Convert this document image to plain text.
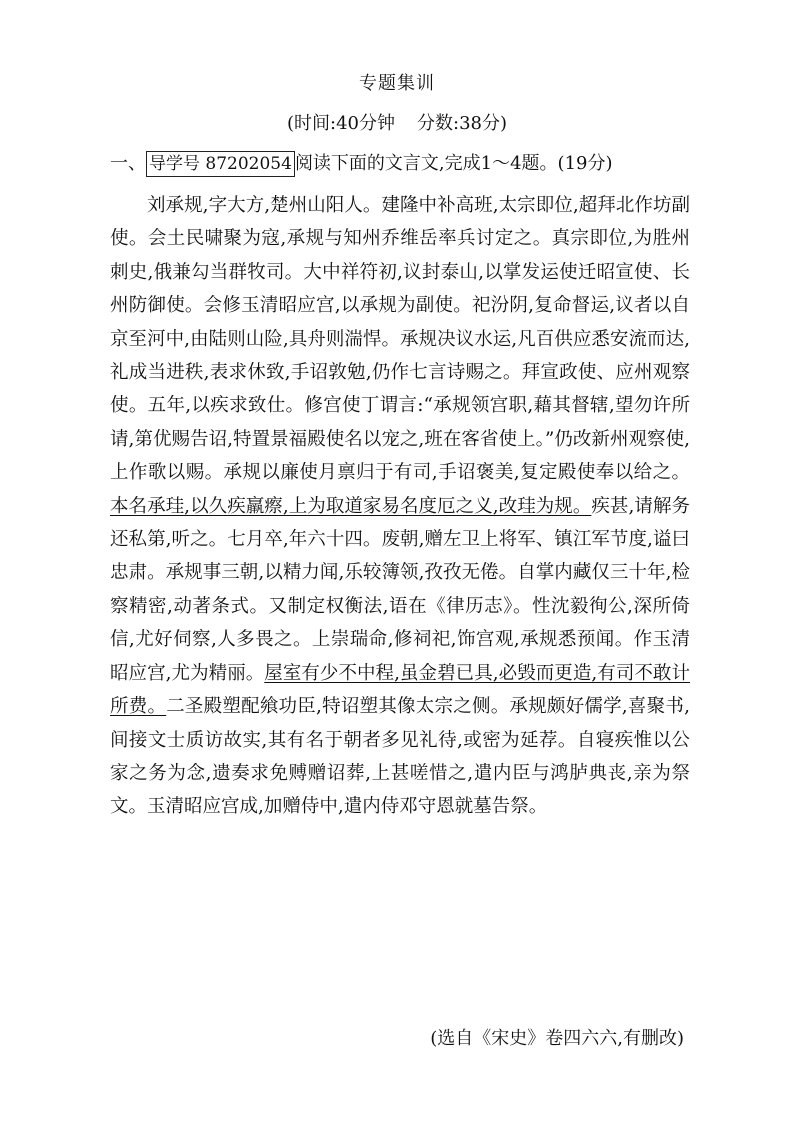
专题集训
(时间:40分钟 分数:38分)
一、 导学号 87202054 阅读下面的文言文,完成1～4题。(19分)
刘承规,字大方,楚州山阳人。建隆中补高班,太宗即位,超拜北作坊副使。会土民啸聚为寇,承规与知州乔维岳率兵讨定之。真宗即位,为胜州刺史,俄兼勾当群牧司。大中祥符初,议封泰山,以掌发运使迁昭宣使、长州防御使。会修玉清昭应宫,以承规为副使。祀汾阴,复命督运,议者以自京至河中,由陆则山险,具舟则湍悍。承规决议水运,凡百供应悉安流而达,礼成当进秩,表求休致,手诏敦勉,仍作七言诗赐之。拜宣政使、应州观察使。五年,以疾求致仕。修宫使丁谓言:“承规领宫职,藉其督辖,望勿许所请,第优赐告诏,特置景福殿使名以宠之,班在客省使上。”仍改新州观察使,上作歌以赐。承规以廉使月禀归于有司,手诏褒美,复定殿使奉以给之。本名承珪,以久疾羸瘵,上为取道家易名度厄之义,改珪为规。疾甚,请解务还私第,听之。七月卒,年六十四。废朝,赠左卫上将军、镇江军节度,谥曰忠肃。承规事三朝,以精力闻,乐较簿领,孜孜无倦。自掌内藏仅三十年,检察精密,动著条式。又制定权衡法,语在《律历志》。性沈毅徇公,深所倚信,尤好伺察,人多畏之。上崇瑞命,修祠祀,饰宫观,承规悉预闻。作玉清昭应宫,尤为精丽。屋室有少不中程,虽金碧已具,必毁而更造,有司不敢计所费。二圣殿塑配飨功臣,特诏塑其像太宗之侧。承规颇好儒学,喜聚书,间接文士质访故实,其有名于朝者多见礼待,或密为延荐。自寝疾惟以公家之务为念,遗奏求免赙赠诏葬,上甚嗟惜之,遣内臣与鸿胪典丧,亲为祭文。玉清昭应宫成,加赠侍中,遣内侍邓守恩就墓告祭。
(选自《宋史》卷四六六,有删改)
